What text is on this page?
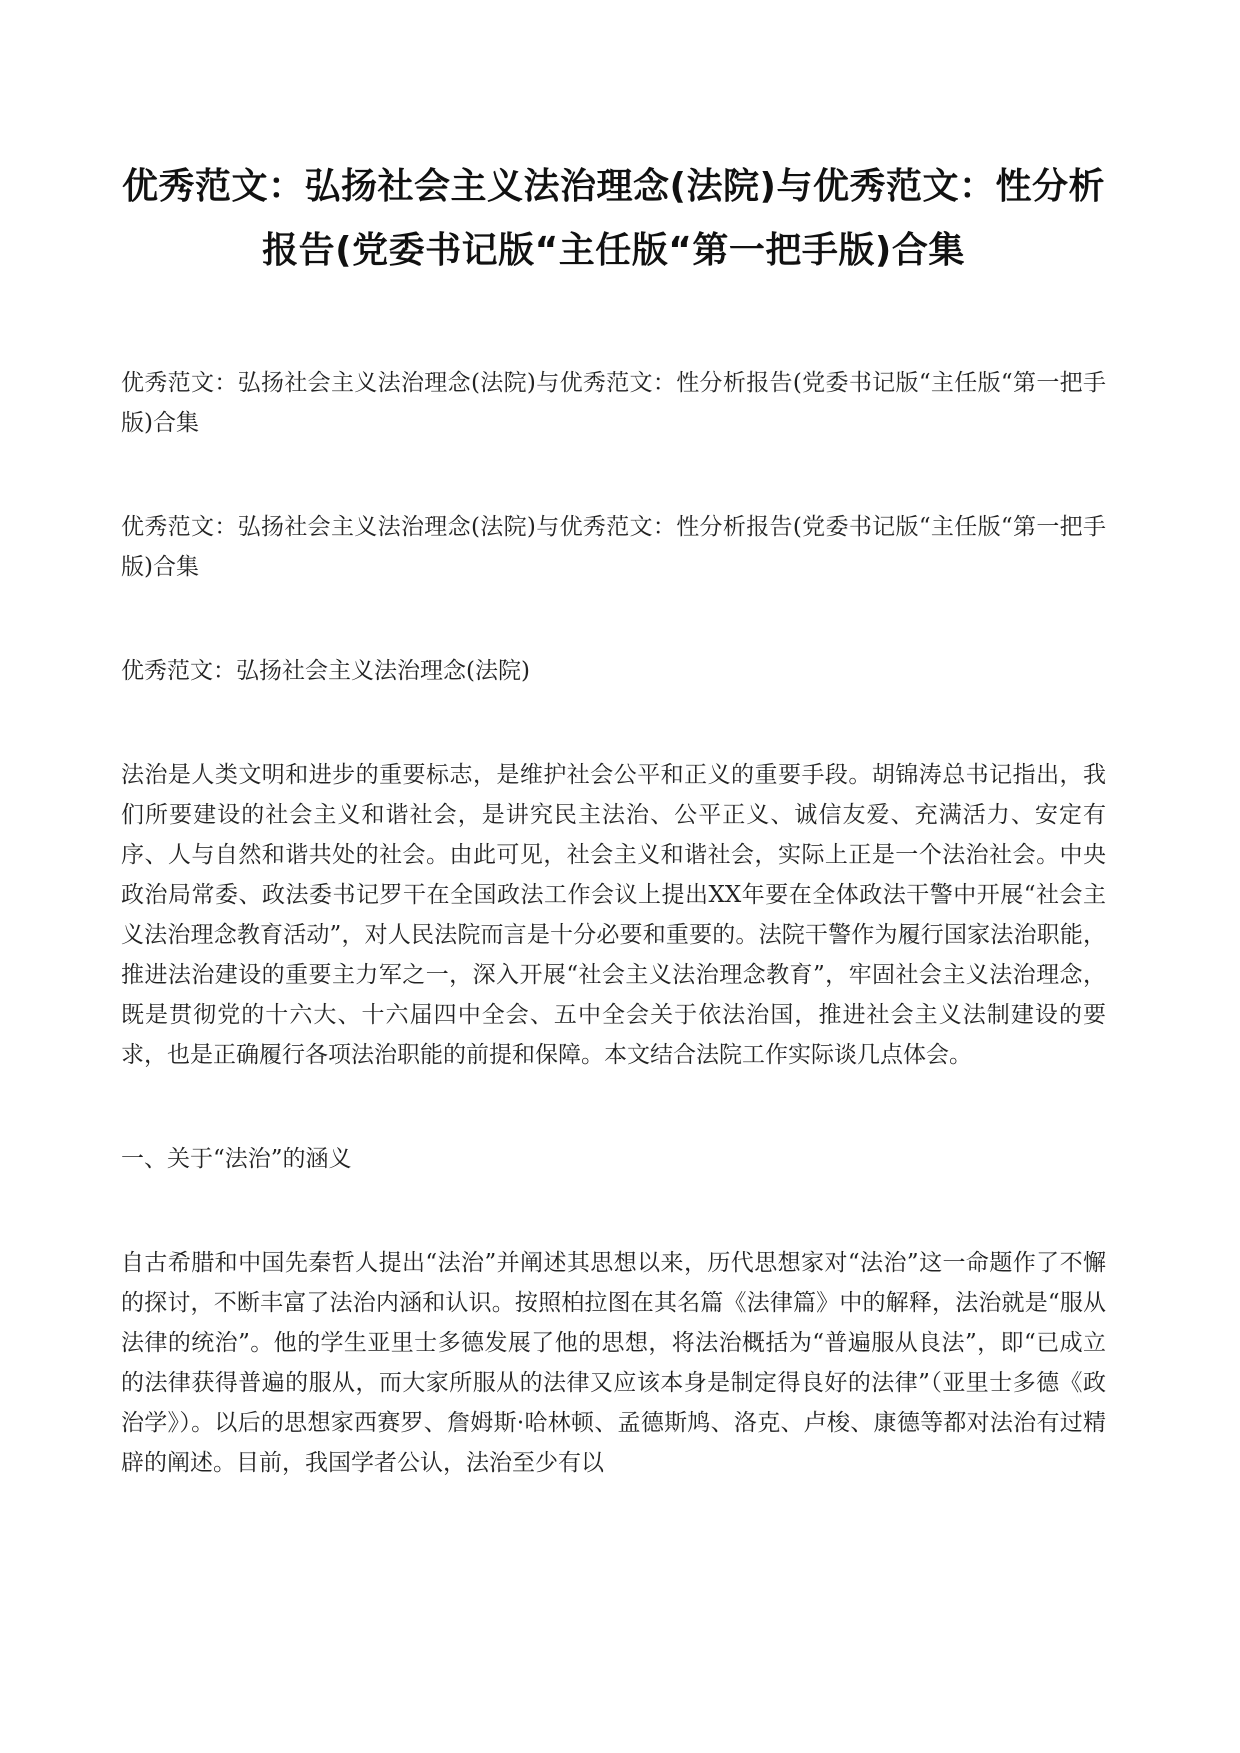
优秀范文：弘扬社会主义法治理念(法院)与优秀范文：性分析报告(党委书记版“主任版“第一把手版)合集

优秀范文：弘扬社会主义法治理念(法院)与优秀范文：性分析报告(党委书记版“主任版“第一把手版)合集

优秀范文：弘扬社会主义法治理念(法院)与优秀范文：性分析报告(党委书记版“主任版“第一把手版)合集

优秀范文：弘扬社会主义法治理念(法院)

法治是人类文明和进步的重要标志，是维护社会公平和正义的重要手段。胡锦涛总书记指出，我们所要建设的社会主义和谐社会，是讲究民主法治、公平正义、诚信友爱、充满活力、安定有序、人与自然和谐共处的社会。由此可见，社会主义和谐社会，实际上正是一个法治社会。中央政治局常委、政法委书记罗干在全国政法工作会议上提出XX年要在全体政法干警中开展“社会主义法治理念教育活动”，对人民法院而言是十分必要和重要的。法院干警作为履行国家法治职能，推进法治建设的重要主力军之一，深入开展“社会主义法治理念教育”，牢固社会主义法治理念，既是贯彻党的十六大、十六届四中全会、五中全会关于依法治国，推进社会主义法制建设的要求，也是正确履行各项法治职能的前提和保障。本文结合法院工作实际谈几点体会。

一、关于“法治”的涵义

自古希腊和中国先秦哲人提出“法治”并阐述其思想以来，历代思想家对“法治”这一命题作了不懈的探讨，不断丰富了法治内涵和认识。按照柏拉图在其名篇《法律篇》中的解释，法治就是“服从法律的统治”。他的学生亚里士多德发展了他的思想，将法治概括为“普遍服从良法”，即“已成立的法律获得普遍的服从，而大家所服从的法律又应该本身是制定得良好的法律”（亚里士多德《政治学》）。以后的思想家西赛罗、詹姆斯·哈林顿、孟德斯鸠、洛克、卢梭、康德等都对法治有过精辟的阐述。目前，我国学者公认，法治至少有以
